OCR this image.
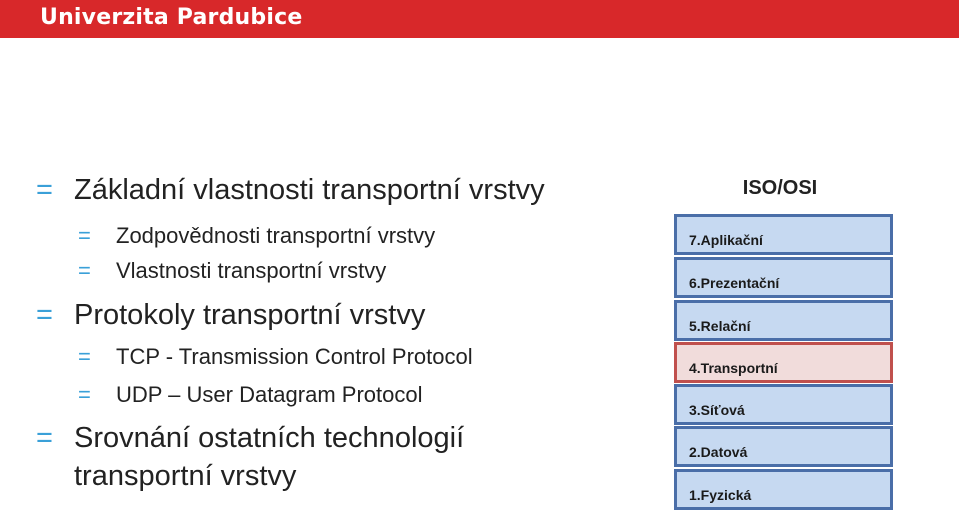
Univerzita Pardubice
= Základní vlastnosti transportní vrstvy
= Zodpovědnosti transportní vrstvy
= Vlastnosti transportní vrstvy
= Protokoly transportní vrstvy
= TCP - Transmission Control Protocol
= UDP – User Datagram Protocol
= Srovnání ostatních technologií
transportní vrstvy
ISO/OSI
7.Aplikační
6.Prezentační
5.Relační
4.Transportní
3.Síťová
2.Datová
1.Fyzická
